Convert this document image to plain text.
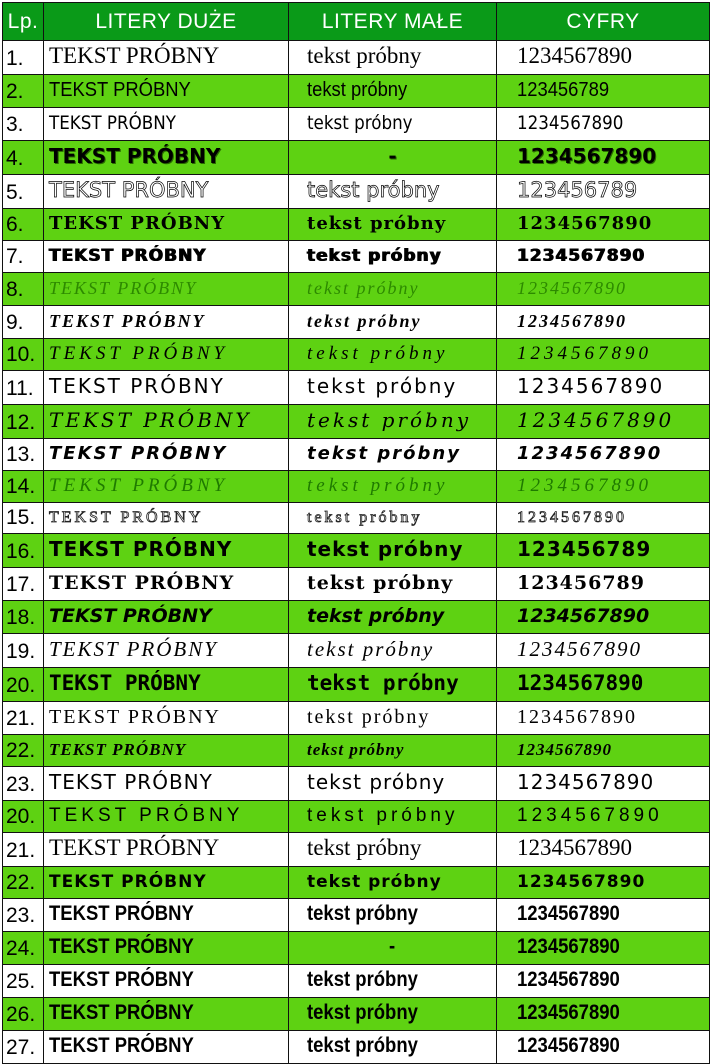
Lp.	LITERY DUŻE	LITERY MAŁE	CYFRY
1.	TEKST PRÓBNY	tekst próbny	1234567890
2.	TEKST PRÓBNY	tekst próbny	123456789
3.	TEKST PRÓBNY	tekst próbny	1234567890
4.	TEKST PRÓBNY	-	1234567890
5.	TEKST PRÓBNY	tekst próbny	123456789
6.	TEKST PRÓBNY	tekst próbny	1234567890
7.	TEKST PRÓBNY	tekst próbny	1234567890
8.	TEKST PRÓBNY	tekst próbny	1234567890
9.	TEKST PRÓBNY	tekst próbny	1234567890
10.	TEKST PRÓBNY	tekst próbny	1234567890
11.	TEKST PRÓBNY	tekst próbny	1234567890
12.	TEKST PRÓBNY	tekst próbny	1234567890
13.	TEKST PRÓBNY	tekst próbny	1234567890
14.	TEKST PRÓBNY	tekst próbny	1234567890
15.	TEKST PRÓBNY	tekst próbny	1234567890
16.	TEKST PRÓBNY	tekst próbny	123456789
17.	TEKST PRÓBNY	tekst próbny	123456789
18.	TEKST PRÓBNY	tekst próbny	1234567890
19.	TEKST PRÓBNY	tekst próbny	1234567890
20.	TEKST PRÓBNY	tekst próbny	1234567890
21.	TEKST PRÓBNY	tekst próbny	1234567890
22.	TEKST PRÓBNY	tekst próbny	1234567890
23.	TEKST PRÓBNY	tekst próbny	1234567890
20.	TEKST PRÓBNY	tekst próbny	1234567890
21.	TEKST PRÓBNY	tekst próbny	1234567890
22.	TEKST PRÓBNY	tekst próbny	1234567890
23.	TEKST PRÓBNY	tekst próbny	1234567890
24.	TEKST PRÓBNY	-	1234567890
25.	TEKST PRÓBNY	tekst próbny	1234567890
26.	TEKST PRÓBNY	tekst próbny	1234567890
27.	TEKST PRÓBNY	tekst próbny	1234567890
